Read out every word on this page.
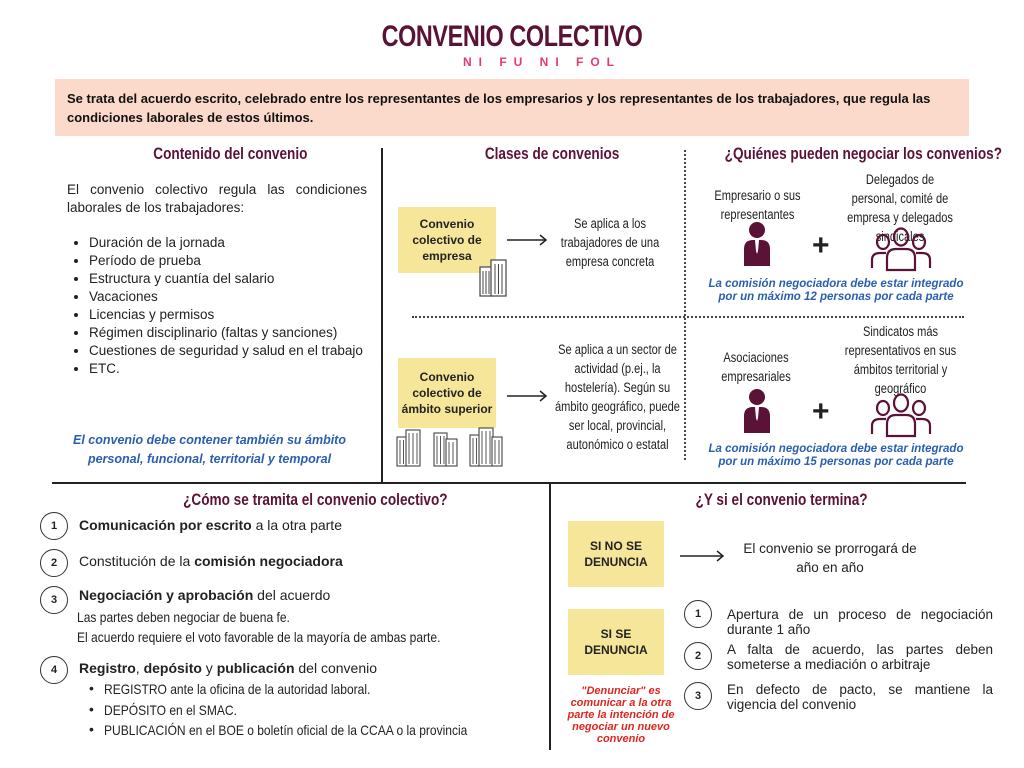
CONVENIO COLECTIVO
NI FU NI FOL
Se trata del acuerdo escrito, celebrado entre los representantes de los empresarios y los representantes de los trabajadores, que regula las condiciones laborales de estos últimos.
Contenido del convenio
El convenio colectivo regula las condiciones laborales de los trabajadores:
• Duración de la jornada
• Período de prueba
• Estructura y cuantía del salario
• Vacaciones
• Licencias y permisos
• Régimen disciplinario (faltas y sanciones)
• Cuestiones de seguridad y salud en el trabajo
• ETC.
El convenio debe contener también su ámbito personal, funcional, territorial y temporal
Clases de convenios
Convenio colectivo de empresa
Se aplica a los trabajadores de una empresa concreta
Convenio colectivo de ámbito superior
Se aplica a un sector de actividad (p.ej., la hostelería). Según su ámbito geográfico, puede ser local, provincial, autonómico o estatal
¿Quiénes pueden negociar los convenios?
Empresario o sus representantes
Delegados de personal, comité de empresa y delegados sindicales
+
La comisión negociadora debe estar integrado por un máximo 12 personas por cada parte
Asociaciones empresariales
Sindicatos más representativos en sus ámbitos territorial y geográfico
+
La comisión negociadora debe estar integrado por un máximo 15 personas por cada parte
¿Cómo se tramita el convenio colectivo?
1	Comunicación por escrito a la otra parte
2	Constitución de la comisión negociadora
3	Negociación y aprobación del acuerdo
Las partes deben negociar de buena fe.
El acuerdo requiere el voto favorable de la mayoría de ambas parte.
4	Registro, depósito y publicación del convenio
• REGISTRO ante la oficina de la autoridad laboral.
• DEPÓSITO en el SMAC.
• PUBLICACIÓN en el BOE o boletín oficial de la CCAA o la provincia
¿Y si el convenio termina?
SI NO SE DENUNCIA
El convenio se prorrogará de año en año
SI SE DENUNCIA
"Denunciar" es comunicar a la otra parte la intención de negociar un nuevo convenio
1	Apertura de un proceso de negociación durante 1 año
2	A falta de acuerdo, las partes deben someterse a mediación o arbitraje
3	En defecto de pacto, se mantiene la vigencia del convenio
